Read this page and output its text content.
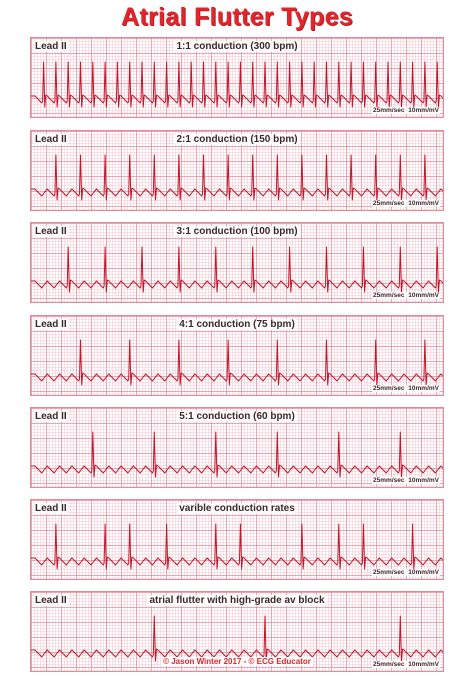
Atrial Flutter Types
Lead II	1:1 conduction (300 bpm)
25mm/sec 10mm/mV
Lead II	2:1 conduction (150 bpm)
25mm/sec 10mm/mV
Lead II	3:1 conduction (100 bpm)
25mm/sec 10mm/mV
Lead II	4:1 conduction (75 bpm)
25mm/sec 10mm/mV
Lead II	5:1 conduction (60 bpm)
25mm/sec 10mm/mV
Lead II	varible conduction rates
25mm/sec 10mm/mV
Lead II	atrial flutter with high-grade av block
25mm/sec 10mm/mV
© Jason Winter 2017 - © ECG Educator
